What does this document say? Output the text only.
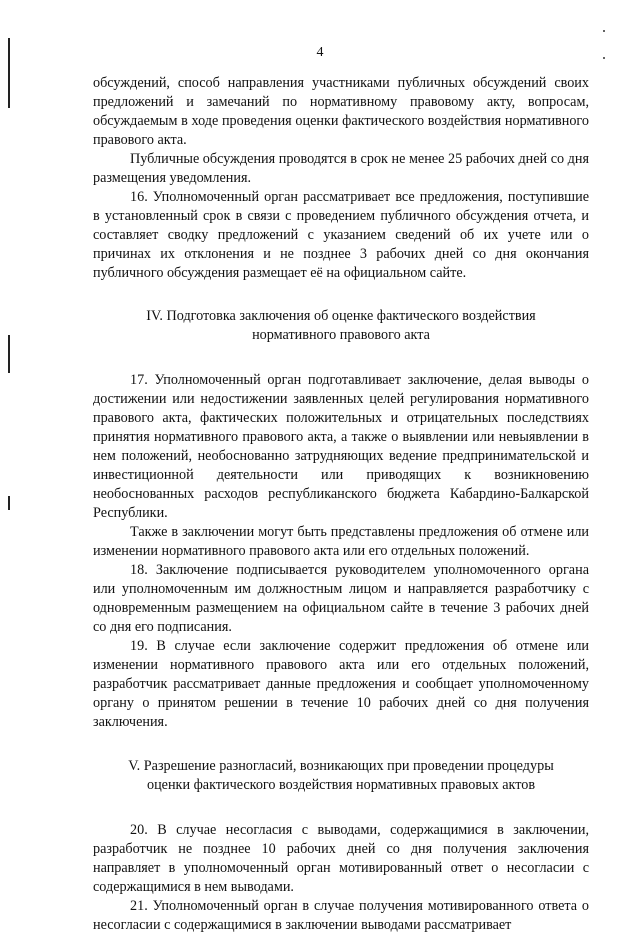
4

обсуждений, способ направления участниками публичных обсуждений своих предложений и замечаний по нормативному правовому акту, вопросам, обсуждаемым в ходе проведения оценки фактического воздействия нормативного правового акта.

Публичные обсуждения проводятся в срок не менее 25 рабочих дней со дня размещения уведомления.

16. Уполномоченный орган рассматривает все предложения, поступившие в установленный срок в связи с проведением публичного обсуждения отчета, и составляет сводку предложений с указанием сведений об их учете или о причинах их отклонения и не позднее 3 рабочих дней со дня окончания публичного обсуждения размещает её на официальном сайте.

IV. Подготовка заключения об оценке фактического воздействия
нормативного правового акта

17. Уполномоченный орган подготавливает заключение, делая выводы о достижении или недостижении заявленных целей регулирования нормативного правового акта, фактических положительных и отрицательных последствиях принятия нормативного правового акта, а также о выявлении или невыявлении в нем положений, необоснованно затрудняющих ведение предпринимательской и инвестиционной деятельности или приводящих к возникновению необоснованных расходов республиканского бюджета Кабардино-Балкарской Республики.

Также в заключении могут быть представлены предложения об отмене или изменении нормативного правового акта или его отдельных положений.

18. Заключение подписывается руководителем уполномоченного органа или уполномоченным им должностным лицом и направляется разработчику с одновременным размещением на официальном сайте в течение 3 рабочих дней со дня его подписания.

19. В случае если заключение содержит предложения об отмене или изменении нормативного правового акта или его отдельных положений, разработчик рассматривает данные предложения и сообщает уполномоченному органу о принятом решении в течение 10 рабочих дней со дня получения заключения.

V. Разрешение разногласий, возникающих при проведении процедуры
оценки фактического воздействия нормативных правовых актов

20. В случае несогласия с выводами, содержащимися в заключении, разработчик не позднее 10 рабочих дней со дня получения заключения направляет в уполномоченный орган мотивированный ответ о несогласии с содержащимися в нем выводами.

21. Уполномоченный орган в случае получения мотивированного ответа о несогласии с содержащимися в заключении выводами рассматривает
